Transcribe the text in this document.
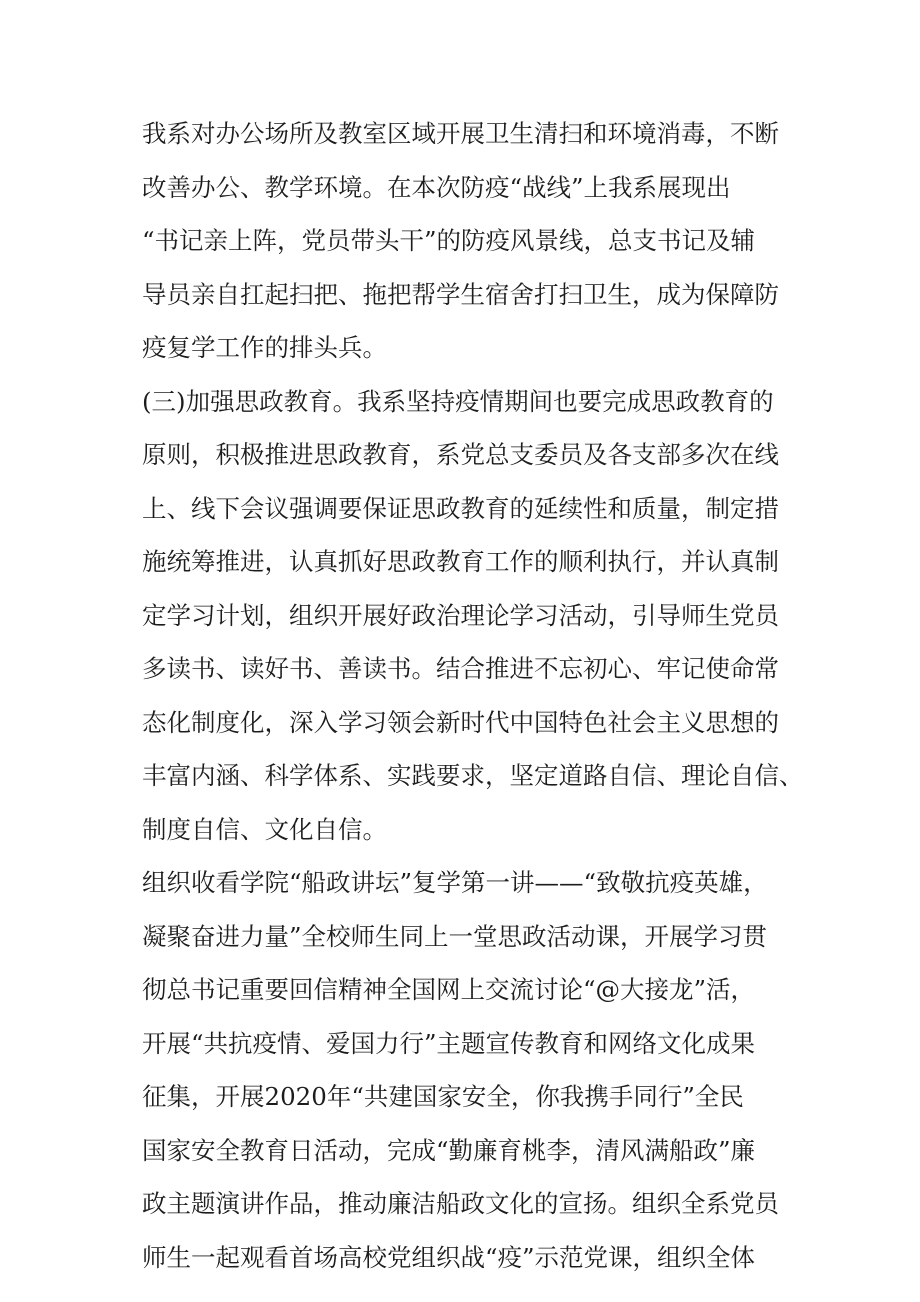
我系对办公场所及教室区域开展卫生清扫和环境消毒，不断
改善办公、教学环境。在本次防疫“战线”上我系展现出
“书记亲上阵，党员带头干”的防疫风景线，总支书记及辅
导员亲自扛起扫把、拖把帮学生宿舍打扫卫生，成为保障防
疫复学工作的排头兵。
(三)加强思政教育。我系坚持疫情期间也要完成思政教育的
原则，积极推进思政教育，系党总支委员及各支部多次在线
上、线下会议强调要保证思政教育的延续性和质量，制定措
施统筹推进，认真抓好思政教育工作的顺利执行，并认真制
定学习计划，组织开展好政治理论学习活动，引导师生党员
多读书、读好书、善读书。结合推进不忘初心、牢记使命常
态化制度化，深入学习领会新时代中国特色社会主义思想的
丰富内涵、科学体系、实践要求，坚定道路自信、理论自信、
制度自信、文化自信。
组织收看学院“船政讲坛”复学第一讲——“致敬抗疫英雄，
凝聚奋进力量”全校师生同上一堂思政活动课，开展学习贯
彻总书记重要回信精神全国网上交流讨论“@大接龙”活，
开展“共抗疫情、爱国力行”主题宣传教育和网络文化成果
征集，开展2020年“共建国家安全，你我携手同行”全民
国家安全教育日活动，完成“勤廉育桃李，清风满船政”廉
政主题演讲作品，推动廉洁船政文化的宣扬。组织全系党员
师生一起观看首场高校党组织战“疫”示范党课，组织全体
